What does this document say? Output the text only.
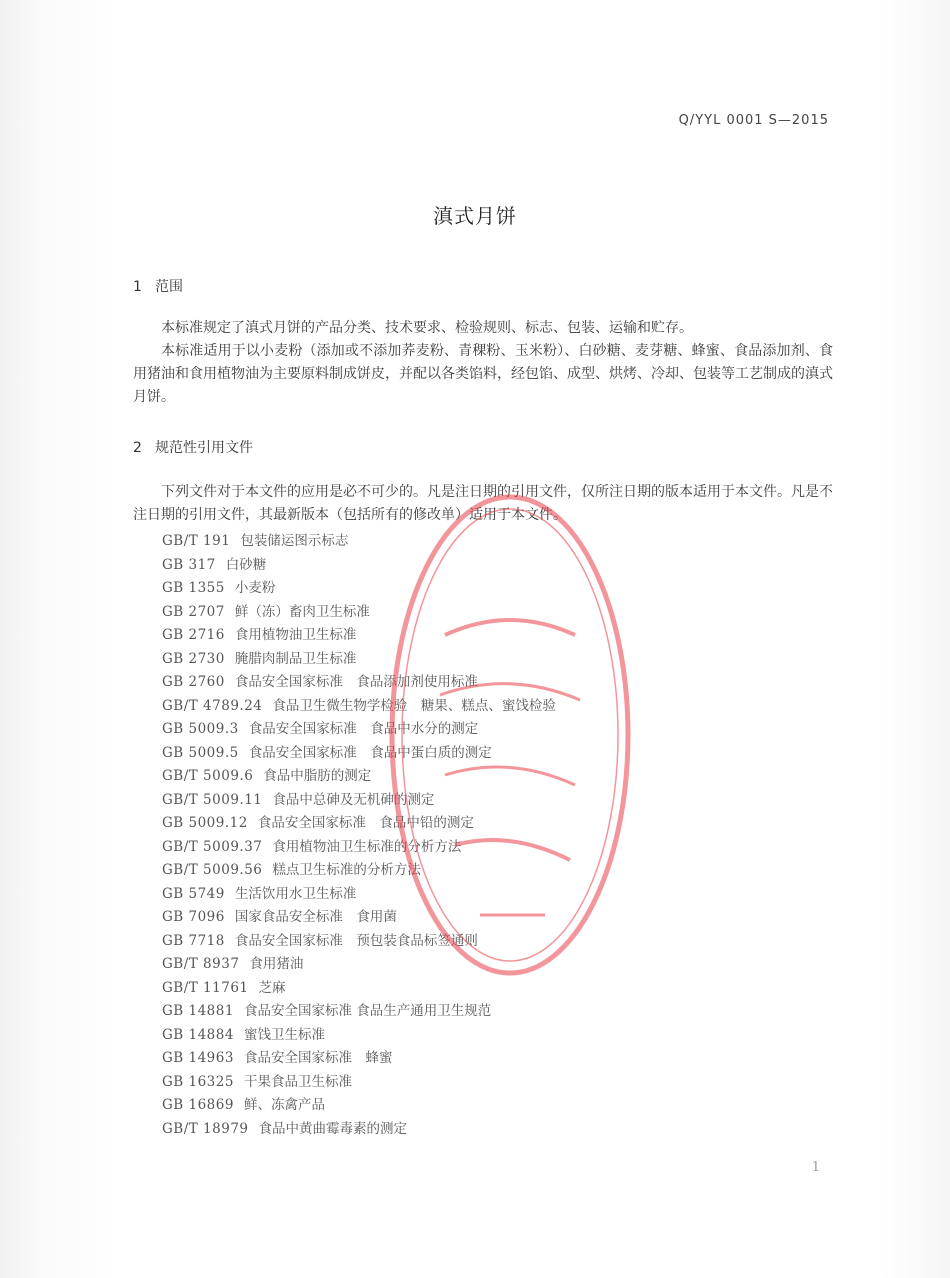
Q/YYL 0001 S—2015
滇式月饼
1 范围

本标准规定了滇式月饼的产品分类、技术要求、检验规则、标志、包装、运输和贮存。

本标准适用于以小麦粉（添加或不添加荞麦粉、青稞粉、玉米粉）、白砂糖、麦芽糖、蜂蜜、食品添加剂、食用猪油和食用植物油为主要原料制成饼皮，并配以各类馅料，经包馅、成型、烘烤、冷却、包装等工艺制成的滇式月饼。

2 规范性引用文件

下列文件对于本文件的应用是必不可少的。凡是注日期的引用文件，仅所注日期的版本适用于本文件。凡是不注日期的引用文件，其最新版本（包括所有的修改单）适用于本文件。

GB/T 191 包装储运图示标志
GB 317 白砂糖
GB 1355 小麦粉
GB 2707 鲜（冻）畜肉卫生标准
GB 2716 食用植物油卫生标准
GB 2730 腌腊肉制品卫生标准
GB 2760 食品安全国家标准　食品添加剂使用标准
GB/T 4789.24 食品卫生微生物学检验　糖果、糕点、蜜饯检验
GB 5009.3 食品安全国家标准　食品中水分的测定
GB 5009.5 食品安全国家标准　食品中蛋白质的测定
GB/T 5009.6 食品中脂肪的测定
GB/T 5009.11 食品中总砷及无机砷的测定
GB 5009.12 食品安全国家标准　食品中铅的测定
GB/T 5009.37 食用植物油卫生标准的分析方法
GB/T 5009.56 糕点卫生标准的分析方法
GB 5749 生活饮用水卫生标准
GB 7096 国家食品安全标准　食用菌
GB 7718 食品安全国家标准　预包装食品标签通则
GB/T 8937 食用猪油
GB/T 11761 芝麻
GB 14881 食品安全国家标准 食品生产通用卫生规范
GB 14884 蜜饯卫生标准
GB 14963 食品安全国家标准　蜂蜜
GB 16325 干果食品卫生标准
GB 16869 鲜、冻禽产品
GB/T 18979 食品中黄曲霉毒素的测定
1
